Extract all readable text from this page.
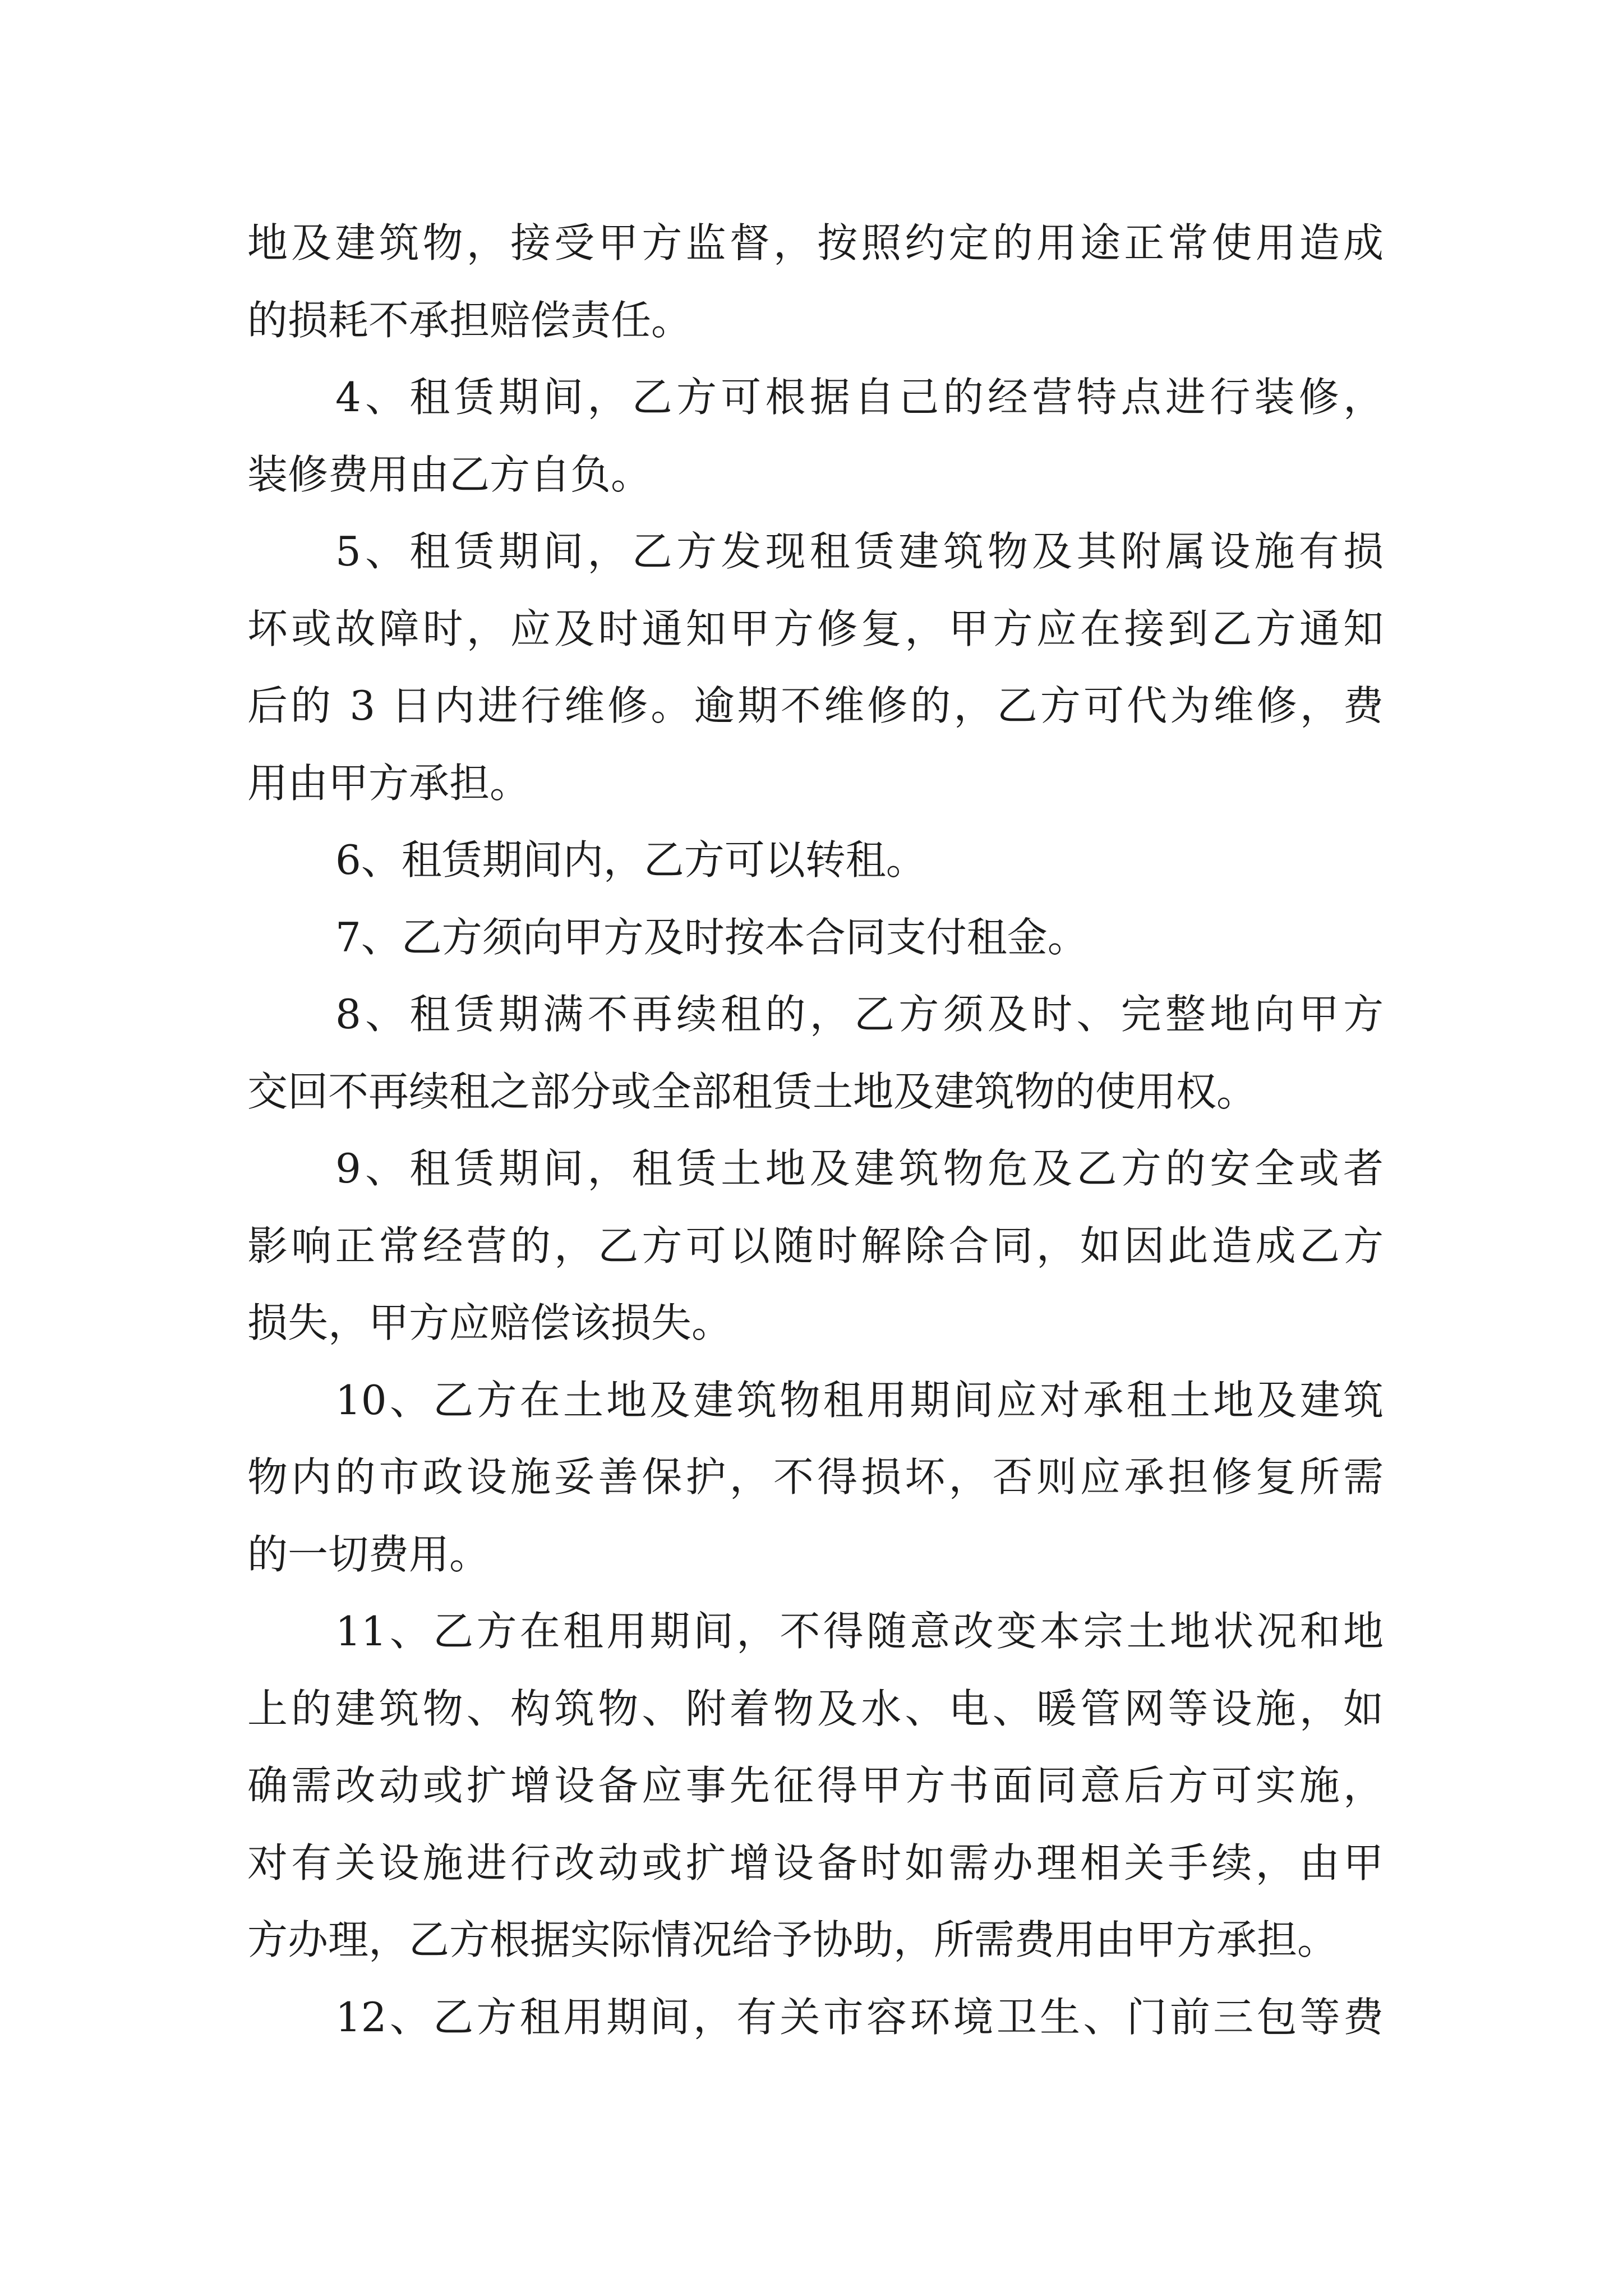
地及建筑物，接受甲方监督，按照约定的用途正常使用造成
的损耗不承担赔偿责任。
4、租赁期间，乙方可根据自己的经营特点进行装修，
装修费用由乙方自负。
5、租赁期间，乙方发现租赁建筑物及其附属设施有损
坏或故障时，应及时通知甲方修复，甲方应在接到乙方通知
后的 3 日内进行维修。逾期不维修的，乙方可代为维修，费
用由甲方承担。
6、租赁期间内，乙方可以转租。
7、乙方须向甲方及时按本合同支付租金。
8、租赁期满不再续租的，乙方须及时、完整地向甲方
交回不再续租之部分或全部租赁土地及建筑物的使用权。
9、租赁期间，租赁土地及建筑物危及乙方的安全或者
影响正常经营的，乙方可以随时解除合同，如因此造成乙方
损失，甲方应赔偿该损失。
10、乙方在土地及建筑物租用期间应对承租土地及建筑
物内的市政设施妥善保护，不得损坏，否则应承担修复所需
的一切费用。
11、乙方在租用期间，不得随意改变本宗土地状况和地
上的建筑物、构筑物、附着物及水、电、暖管网等设施，如
确需改动或扩增设备应事先征得甲方书面同意后方可实施，
对有关设施进行改动或扩增设备时如需办理相关手续，由甲
方办理，乙方根据实际情况给予协助，所需费用由甲方承担。
12、乙方租用期间，有关市容环境卫生、门前三包等费
